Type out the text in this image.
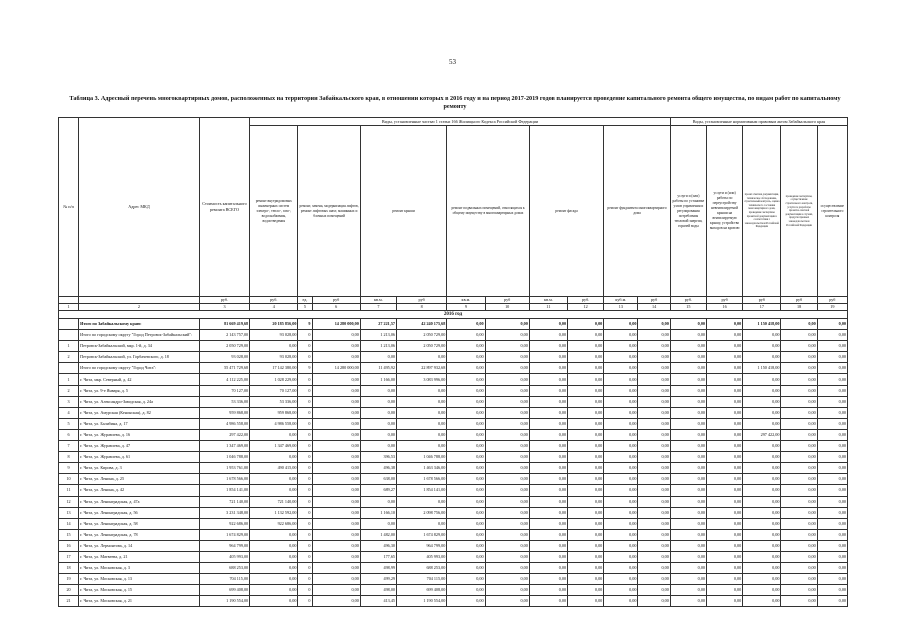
53
Таблица 3. Адресный перечень многоквартирных домов, расположенных на территории Забайкальского края, в отношении которых в 2016 году и на период 2017-2019 годов планируется проведение капитального ремонта общего имущества, по видам работ по капитальному ремонту
№ п/п	Адрес МКД	Стоимость капитального ремонта ВСЕГО	Виды, установленные частью 1 статьи 166 Жилищного Кодекса Российской Федерации											Виды, установленные нормативным правовым актом Забайкальского края				
			ремонт внутридомовых инженерных систем электро-, тепло-, газо-, водоснабжения, водоотведения	ремонт, замена, модернизация лифтов, ремонт лифтовых шахт, машинных и блочных помещений		ремонт крыши		ремонт подвальных помещений, относящихся к общему имуществу в многоквартирных домах		ремонт фасада		ремонт фундамента многоквартирного дома		услуги и (или) работы по установке узлов управления и регулирования потребления тепловой энергии, горячей воды	услуги и (или) работы по переустройству невентилируемой крыши на вентилируемую крышу, устройство выходов на кровлю	проект-сметная документация, техническое обследование, строительный контроль, оценка технического состояния многоквартирного дома, проведение экспертизы проектной документации в соответствии с законодательством Российской Федерации	проведение экспертизы, осуществление строительного контроля, услуги по разработке проектно-сметной документации в случаях, предусмотренных законодательством Российской Федерации	осуществление строительного контроля
		руб.	руб.	ед.	руб	кв.м.	руб	кв.м.	руб	кв.м.	руб.	куб.м.	руб	руб.	руб	руб	руб	руб
1	2	3	4	5	6	7	8	9	10	11	12	13	14	15	16	17	18	19
2016 год																		
	Итого по Забайкальскому краю:	81 669 419,68	20 185 856,00	9	14 280 000,00	27 221,57	42 240 175,68	0,00	0,00	0,00	0,00	0,00	0,00	0,00	0,00	1 150 418,00	0,00	0,00
	Итого по городскому округу "Город Петровск-Забайкальский":	2 143 757,00	93 028,00	0	0,00	1 213,06	2 050 729,00	0,00	0,00	0,00	0,00	0,00	0,00	0,00	0,00	0,00	0,00	0,00
1	Петровск-Забайкальский, мкр. 1-й, д. 34	2 050 729,00	0,00	0	0,00	1 213,06	2 050 729,00	0,00	0,00	0,00	0,00	0,00	0,00	0,00	0,00	0,00	0,00	0,00
2	Петровск-Забайкальский, ул. Горбачевского, д. 18	93 028,00	93 028,00	0	0,00	0,00	0,00	0,00	0,00	0,00	0,00	0,00	0,00	0,00	0,00	0,00	0,00	0,00
	Итого по городскому округу "Город Чита":	55 471 729,68	17 142 380,00	9	14 280 000,00	11 495,92	22 897 932,68	0,00	0,00	0,00	0,00	0,00	0,00	0,00	0,00	1 150 418,00	0,00	0,00
1	г. Чита, мкр. Северный, д. 42	4 112 225,00	1 028 229,00	0	0,00	1 166,00	3 083 996,00	0,00	0,00	0,00	0,00	0,00	0,00	0,00	0,00	0,00	0,00	0,00
2	г. Чита, ул. 9-е Января, д. 5	70 127,00	70 127,00	0	0,00	0,00	0,00	0,00	0,00	0,00	0,00	0,00	0,00	0,00	0,00	0,00	0,00	0,00
3	г. Чита, ул. Александро-Заводская, д. 24а	53 336,00	53 336,00	0	0,00	0,00	0,00	0,00	0,00	0,00	0,00	0,00	0,00	0,00	0,00	0,00	0,00	0,00
4	г. Чита, ул. Амурская (Кенонская), д. 82	959 868,00	959 868,00	0	0,00	0,00	0,00	0,00	0,00	0,00	0,00	0,00	0,00	0,00	0,00	0,00	0,00	0,00
5	г. Чита, ул. Балябина, д. 17	4 986 558,00	4 986 558,00	0	0,00	0,00	0,00	0,00	0,00	0,00	0,00	0,00	0,00	0,00	0,00	0,00	0,00	0,00
6	г. Чита, ул. Журавлева, д. 16	297 422,00	0,00	0	0,00	0,00	0,00	0,00	0,00	0,00	0,00	0,00	0,00	0,00	0,00	297 422,00	0,00	0,00
7	г. Чита, ул. Журавлева, д. 47	1 347 469,00	1 347 469,00	0	0,00	0,00	0,00	0,00	0,00	0,00	0,00	0,00	0,00	0,00	0,00	0,00	0,00	0,00
8	г. Чита, ул. Журавлева, д. 61	1 046 788,00	0,00	0	0,00	396,53	1 046 788,00	0,00	0,00	0,00	0,00	0,00	0,00	0,00	0,00	0,00	0,00	0,00
9	г. Чита, ул. Кирова, д. 3	1 953 761,00	490 415,00	0	0,00	496,38	1 463 346,00	0,00	0,00	0,00	0,00	0,00	0,00	0,00	0,00	0,00	0,00	0,00
10	г. Чита, ул. Ленина, д. 25	1 678 566,00	0,00	0	0,00	638,00	1 678 566,00	0,00	0,00	0,00	0,00	0,00	0,00	0,00	0,00	0,00	0,00	0,00
11	г. Чита, ул. Ленина, д. 42	1 854 141,00	0,00	0	0,00	689,27	1 854 141,00	0,00	0,00	0,00	0,00	0,00	0,00	0,00	0,00	0,00	0,00	0,00
12	г. Чита, ул. Ленинградская, д. 47а	721 140,00	721 140,00	0	0,00	0,00	0,00	0,00	0,00	0,00	0,00	0,00	0,00	0,00	0,00	0,00	0,00	0,00
13	г. Чита, ул. Ленинградская, д. 56	3 231 348,00	1 132 592,00	0	0,00	1 166,10	2 098 756,00	0,00	0,00	0,00	0,00	0,00	0,00	0,00	0,00	0,00	0,00	0,00
14	г. Чита, ул. Ленинградская, д. 58	922 686,00	922 686,00	0	0,00	0,00	0,00	0,00	0,00	0,00	0,00	0,00	0,00	0,00	0,00	0,00	0,00	0,00
15	г. Чита, ул. Ленинградская, д. 78	1 674 829,00	0,00	0	0,00	1 482,00	1 674 829,00	0,00	0,00	0,00	0,00	0,00	0,00	0,00	0,00	0,00	0,00	0,00
16	г. Чита, ул. Лермонтова, д. 14	964 799,00	0,00	0	0,00	496,30	964 799,00	0,00	0,00	0,00	0,00	0,00	0,00	0,00	0,00	0,00	0,00	0,00
17	г. Чита, ул. Матвеева, д. 21	405 993,00	0,00	0	0,00	177,65	405 993,00	0,00	0,00	0,00	0,00	0,00	0,00	0,00	0,00	0,00	0,00	0,00
18	г. Чита, ул. Московская, д. 3	688 253,00	0,00	0	0,00	498,99	688 253,00	0,00	0,00	0,00	0,00	0,00	0,00	0,00	0,00	0,00	0,00	0,00
19	г. Чита, ул. Московская, д. 13	704 115,00	0,00	0	0,00	499,29	704 115,00	0,00	0,00	0,00	0,00	0,00	0,00	0,00	0,00	0,00	0,00	0,00
20	г. Чита, ул. Московская, д. 15	699 408,00	0,00	0	0,00	498,00	699 408,00	0,00	0,00	0,00	0,00	0,00	0,00	0,00	0,00	0,00	0,00	0,00
21	г. Чита, ул. Московская, д. 21	1 190 554,00	0,00	0	0,00	413,45	1 190 554,00	0,00	0,00	0,00	0,00	0,00	0,00	0,00	0,00	0,00	0,00	0,00
